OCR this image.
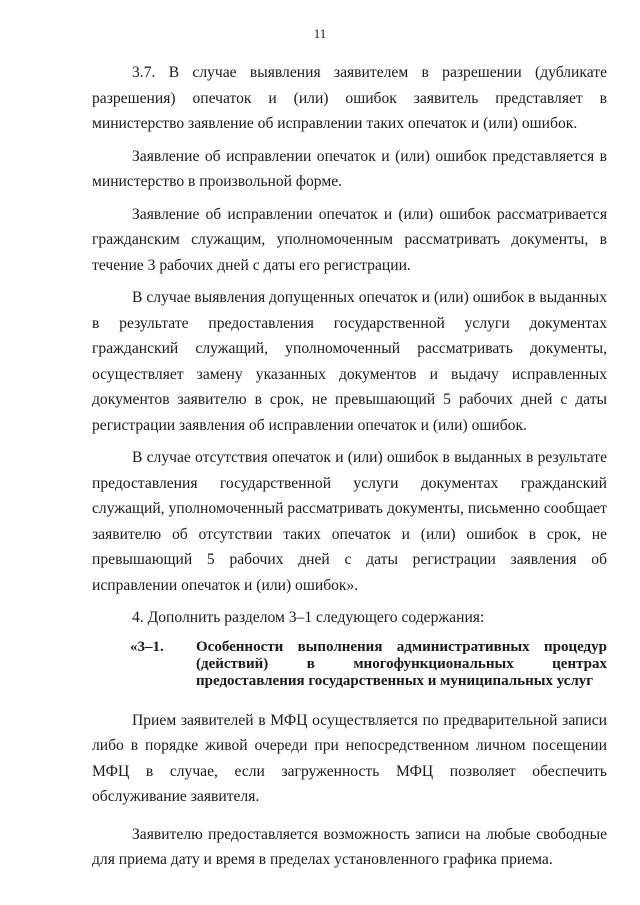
11

3.7. В случае выявления заявителем в разрешении (дубликате разрешения) опечаток и (или) ошибок заявитель представляет в министерство заявление об исправлении таких опечаток и (или) ошибок.

Заявление об исправлении опечаток и (или) ошибок представляется в министерство в произвольной форме.

Заявление об исправлении опечаток и (или) ошибок рассматривается гражданским служащим, уполномоченным рассматривать документы, в течение 3 рабочих дней с даты его регистрации.

В случае выявления допущенных опечаток и (или) ошибок в выданных в результате предоставления государственной услуги документах гражданский служащий, уполномоченный рассматривать документы, осуществляет замену указанных документов и выдачу исправленных документов заявителю в срок, не превышающий 5 рабочих дней с даты регистрации заявления об исправлении опечаток и (или) ошибок.

В случае отсутствия опечаток и (или) ошибок в выданных в результате предоставления государственной услуги документах гражданский служащий, уполномоченный рассматривать документы, письменно сообщает заявителю об отсутствии таких опечаток и (или) ошибок в срок, не превышающий 5 рабочих дней с даты регистрации заявления об исправлении опечаток и (или) ошибок».

4. Дополнить разделом 3–1 следующего содержания:

«3–1.	Особенности выполнения административных процедур (действий) в многофункциональных центрах предоставления государственных и муниципальных услуг

Прием заявителей в МФЦ осуществляется по предварительной записи либо в порядке живой очереди при непосредственном личном посещении МФЦ в случае, если загруженность МФЦ позволяет обеспечить обслуживание заявителя.

Заявителю предоставляется возможность записи на любые свободные для приема дату и время в пределах установленного графика приема.
